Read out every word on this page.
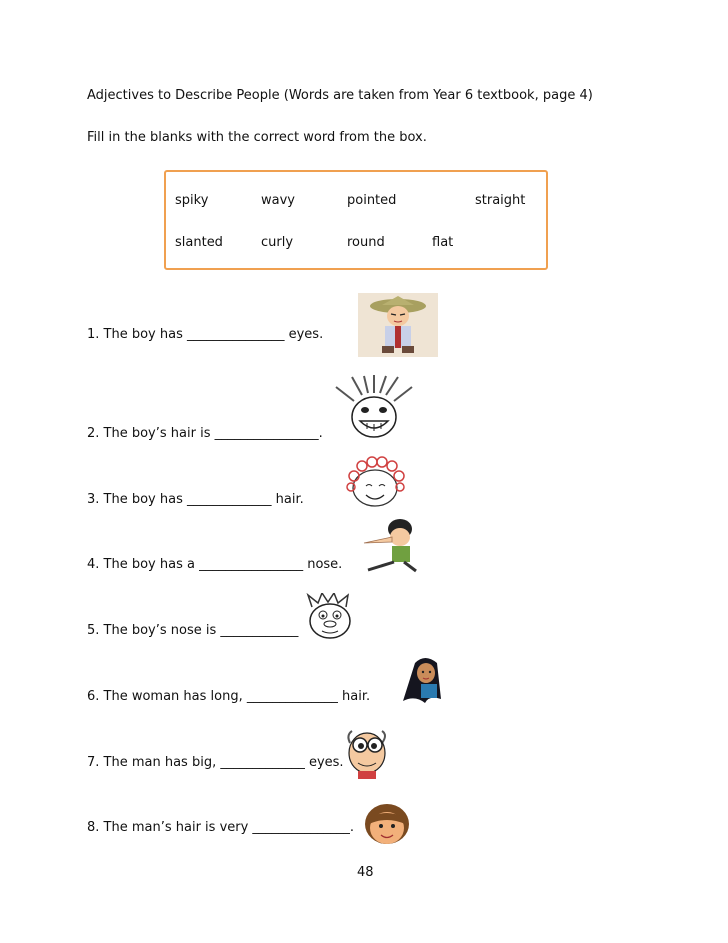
Adjectives to Describe People (Words are taken from Year 6 textbook, page 4)
Fill in the blanks with the correct word from the box.
spiky	wavy	pointed	straight
slanted	curly	round	flat
1. The boy has _______________ eyes.
2. The boy’s hair is ________________.
3. The boy has _____________ hair.
4. The boy has a ________________ nose.
5. The boy’s nose is ____________
6. The woman has long, ______________ hair.
7. The man has big, _____________ eyes.
8. The man’s hair is very _______________.
48
